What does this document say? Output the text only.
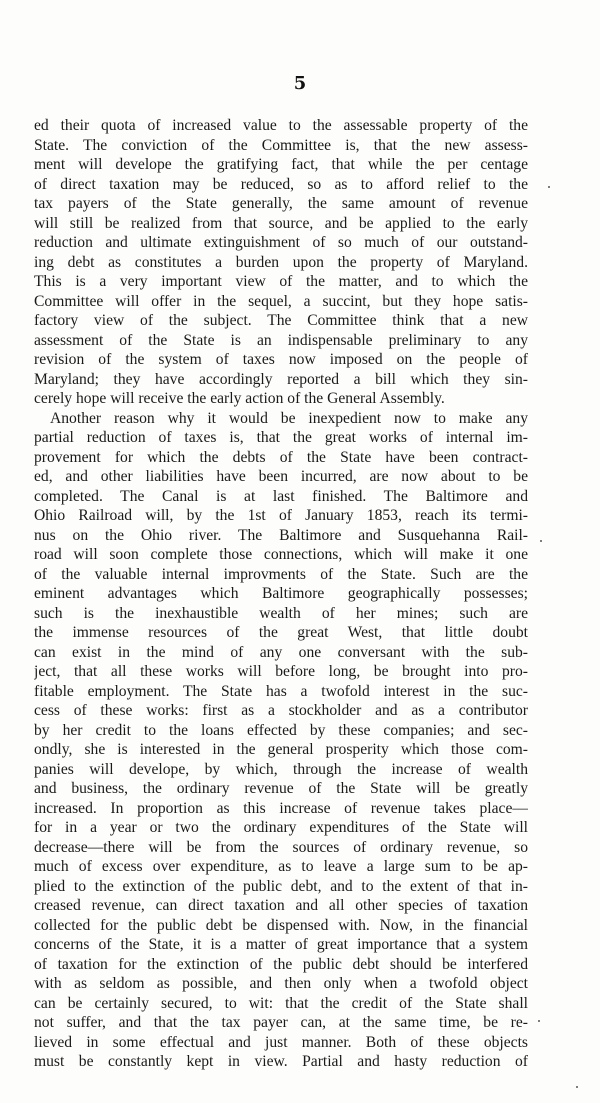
5
ed their quota of increased value to the assessable property of the
State. The conviction of the Committee is, that the new assess-
ment will develope the gratifying fact, that while the per centage
of direct taxation may be reduced, so as to afford relief to the
tax payers of the State generally, the same amount of revenue
will still be realized from that source, and be applied to the early
reduction and ultimate extinguishment of so much of our outstand-
ing debt as constitutes a burden upon the property of Maryland.
This is a very important view of the matter, and to which the
Committee will offer in the sequel, a succint, but they hope satis-
factory view of the subject. The Committee think that a new
assessment of the State is an indispensable preliminary to any
revision of the system of taxes now imposed on the people of
Maryland; they have accordingly reported a bill which they sin-
cerely hope will receive the early action of the General Assembly.
Another reason why it would be inexpedient now to make any
partial reduction of taxes is, that the great works of internal im-
provement for which the debts of the State have been contract-
ed, and other liabilities have been incurred, are now about to be
completed. The Canal is at last finished. The Baltimore and
Ohio Railroad will, by the 1st of January 1853, reach its termi-
nus on the Ohio river. The Baltimore and Susquehanna Rail-
road will soon complete those connections, which will make it one
of the valuable internal improvments of the State. Such are the
eminent advantages which Baltimore geographically possesses;
such is the inexhaustible wealth of her mines; such are
the immense resources of the great West, that little doubt
can exist in the mind of any one conversant with the sub-
ject, that all these works will before long, be brought into pro-
fitable employment. The State has a twofold interest in the suc-
cess of these works: first as a stockholder and as a contributor
by her credit to the loans effected by these companies; and sec-
ondly, she is interested in the general prosperity which those com-
panies will develope, by which, through the increase of wealth
and business, the ordinary revenue of the State will be greatly
increased. In proportion as this increase of revenue takes place—
for in a year or two the ordinary expenditures of the State will
decrease—there will be from the sources of ordinary revenue, so
much of excess over expenditure, as to leave a large sum to be ap-
plied to the extinction of the public debt, and to the extent of that in-
creased revenue, can direct taxation and all other species of taxation
collected for the public debt be dispensed with. Now, in the financial
concerns of the State, it is a matter of great importance that a system
of taxation for the extinction of the public debt should be interfered
with as seldom as possible, and then only when a twofold object
can be certainly secured, to wit: that the credit of the State shall
not suffer, and that the tax payer can, at the same time, be re-
lieved in some effectual and just manner. Both of these objects
must be constantly kept in view. Partial and hasty reduction of
